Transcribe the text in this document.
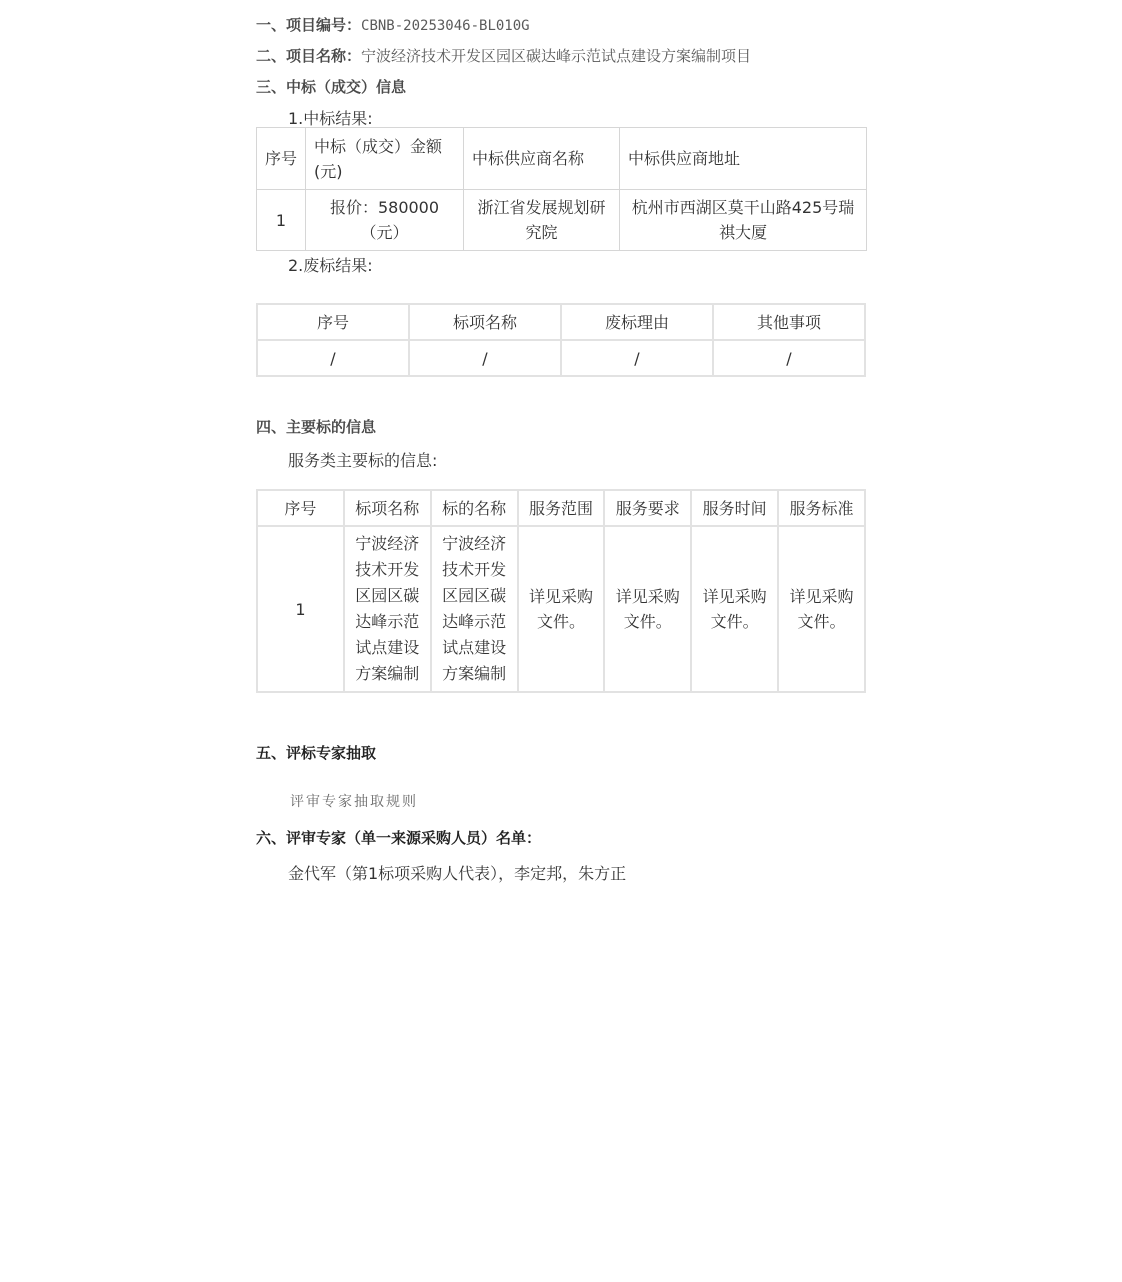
一、项目编号：CBNB-20253046-BL010G
二、项目名称：宁波经济技术开发区园区碳达峰示范试点建设方案编制项目
三、中标（成交）信息
1.中标结果:
序号	中标（成交）金额(元)	中标供应商名称	中标供应商地址
1	报价：580000（元）	浙江省发展规划研究院	杭州市西湖区莫干山路425号瑞祺大厦
2.废标结果:
序号	标项名称	废标理由	其他事项
/	/	/	/
四、主要标的信息
服务类主要标的信息:
序号	标项名称	标的名称	服务范围	服务要求	服务时间	服务标准
1	宁波经济技术开发区园区碳达峰示范试点建设方案编制	宁波经济技术开发区园区碳达峰示范试点建设方案编制	详见采购文件。	详见采购文件。	详见采购文件。	详见采购文件。
五、评标专家抽取
评审专家抽取规则
六、评审专家（单一来源采购人员）名单：
金代军（第1标项采购人代表），李定邦，朱方正
